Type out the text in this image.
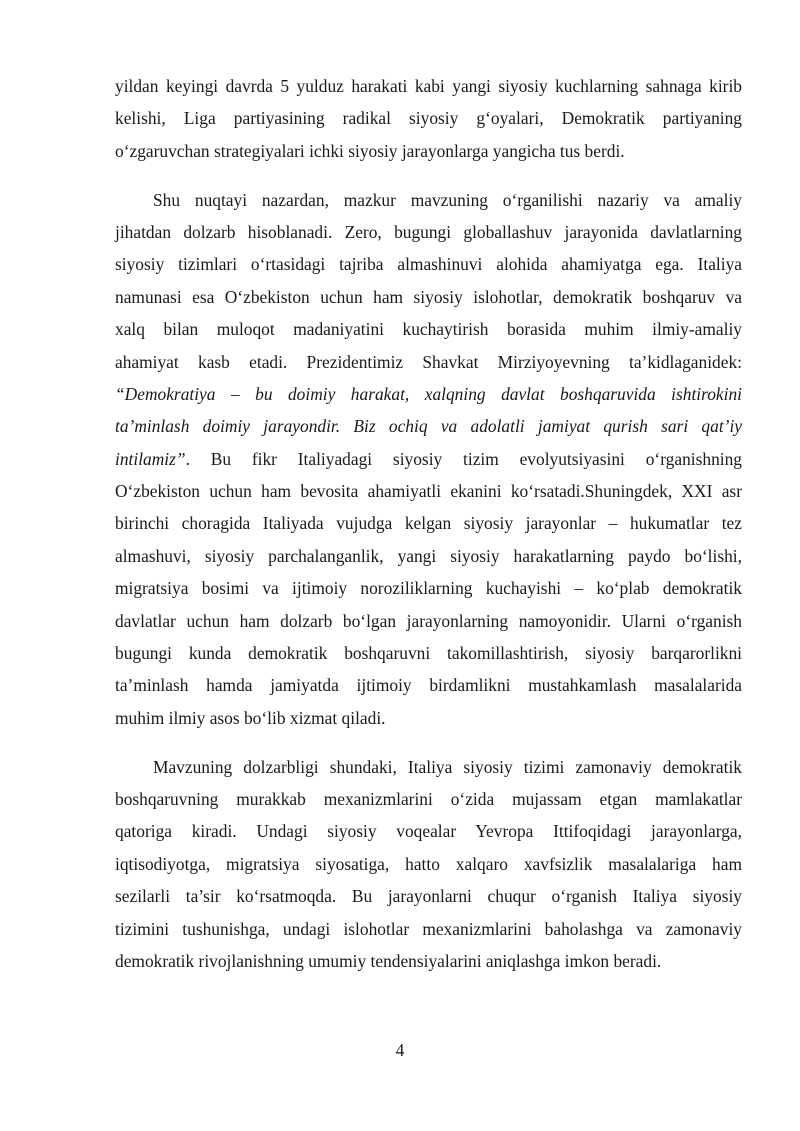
yildan keyingi davrda 5 yulduz harakati kabi yangi siyosiy kuchlarning sahnaga kirib
kelishi, Liga partiyasining radikal siyosiy g‘oyalari, Demokratik partiyaning
o‘zgaruvchan strategiyalari ichki siyosiy jarayonlarga yangicha tus berdi.
Shu nuqtayi nazardan, mazkur mavzuning o‘rganilishi nazariy va amaliy
jihatdan dolzarb hisoblanadi. Zero, bugungi globallashuv jarayonida davlatlarning
siyosiy tizimlari o‘rtasidagi tajriba almashinuvi alohida ahamiyatga ega. Italiya
namunasi esa O‘zbekiston uchun ham siyosiy islohotlar, demokratik boshqaruv va
xalq bilan muloqot madaniyatini kuchaytirish borasida muhim ilmiy-amaliy
ahamiyat kasb etadi. Prezidentimiz Shavkat Mirziyoyevning ta’kidlaganidek:
“Demokratiya – bu doimiy harakat, xalqning davlat boshqaruvida ishtirokini
ta’minlash doimiy jarayondir. Biz ochiq va adolatli jamiyat qurish sari qat’iy
intilamiz”. Bu fikr Italiyadagi siyosiy tizim evolyutsiyasini o‘rganishning
O‘zbekiston uchun ham bevosita ahamiyatli ekanini ko‘rsatadi.Shuningdek, XXI asr
birinchi choragida Italiyada vujudga kelgan siyosiy jarayonlar – hukumatlar tez
almashuvi, siyosiy parchalanganlik, yangi siyosiy harakatlarning paydo bo‘lishi,
migratsiya bosimi va ijtimoiy noroziliklarning kuchayishi – ko‘plab demokratik
davlatlar uchun ham dolzarb bo‘lgan jarayonlarning namoyonidir. Ularni o‘rganish
bugungi kunda demokratik boshqaruvni takomillashtirish, siyosiy barqarorlikni
ta’minlash hamda jamiyatda ijtimoiy birdamlikni mustahkamlash masalalarida
muhim ilmiy asos bo‘lib xizmat qiladi.
Mavzuning dolzarbligi shundaki, Italiya siyosiy tizimi zamonaviy demokratik
boshqaruvning murakkab mexanizmlarini o‘zida mujassam etgan mamlakatlar
qatoriga kiradi. Undagi siyosiy voqealar Yevropa Ittifoqidagi jarayonlarga,
iqtisodiyotga, migratsiya siyosatiga, hatto xalqaro xavfsizlik masalalariga ham
sezilarli ta’sir ko‘rsatmoqda. Bu jarayonlarni chuqur o‘rganish Italiya siyosiy
tizimini tushunishga, undagi islohotlar mexanizmlarini baholashga va zamonaviy
demokratik rivojlanishning umumiy tendensiyalarini aniqlashga imkon beradi.
4
